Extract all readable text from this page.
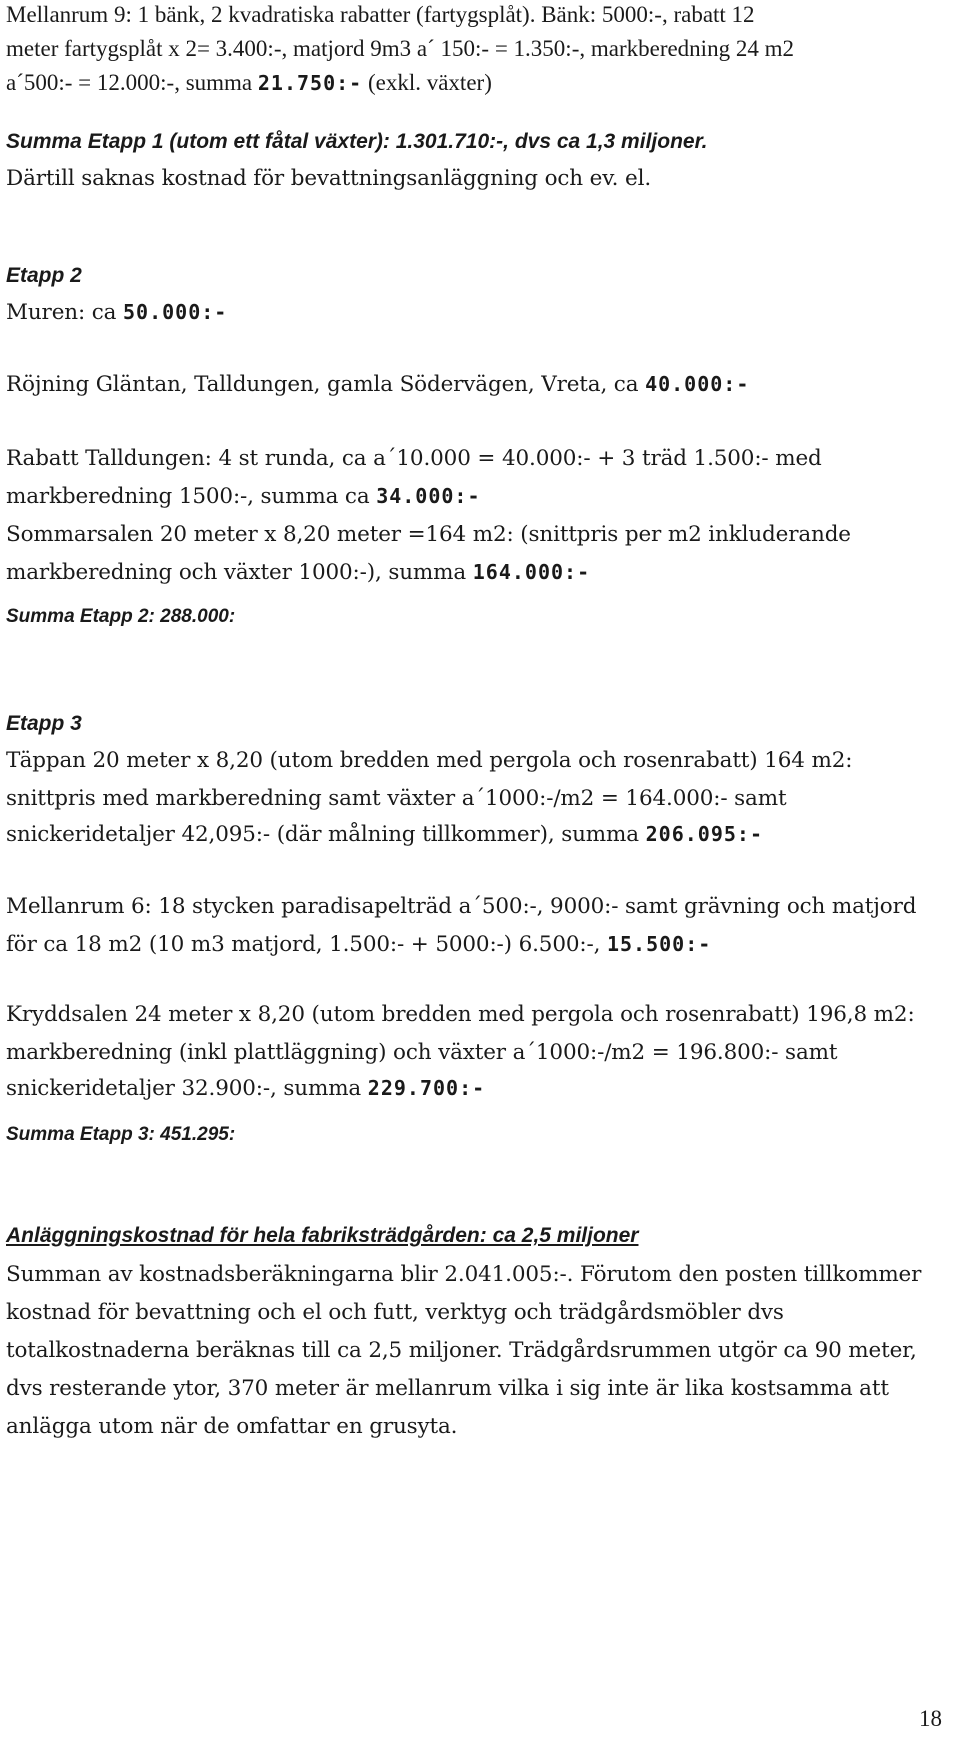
Mellanrum 9: 1 bänk, 2 kvadratiska rabatter (fartygsplåt). Bänk: 5000:-, rabatt 12
meter fartygsplåt x 2= 3.400:-, matjord 9m3 a´ 150:- = 1.350:-, markberedning 24 m2
a´500:- = 12.000:-, summa 21.750:- (exkl. växter)
Summa Etapp 1 (utom ett fåtal växter): 1.301.710:-, dvs ca 1,3 miljoner.
Därtill saknas kostnad för bevattningsanläggning och ev. el.
Etapp 2
Muren: ca 50.000:-
Röjning Gläntan, Talldungen, gamla Södervägen, Vreta, ca 40.000:-
Rabatt Talldungen: 4 st runda, ca a´10.000 = 40.000:- + 3 träd 1.500:- med
markberedning 1500:-, summa ca 34.000:-
Sommarsalen 20 meter x 8,20 meter =164 m2: (snittpris per m2 inkluderande
markberedning och växter 1000:-), summa 164.000:-
Summa Etapp 2: 288.000:
Etapp 3
Täppan 20 meter x 8,20 (utom bredden med pergola och rosenrabatt) 164 m2:
snittpris med markberedning samt växter a´1000:-/m2 = 164.000:- samt
snickeridetaljer 42,095:- (där målning tillkommer), summa 206.095:-
Mellanrum 6: 18 stycken paradisapelträd a´500:-, 9000:- samt grävning och matjord
för ca 18 m2 (10 m3 matjord, 1.500:- + 5000:-) 6.500:-, 15.500:-
Kryddsalen 24 meter x 8,20 (utom bredden med pergola och rosenrabatt) 196,8 m2:
markberedning (inkl plattläggning) och växter a´1000:-/m2 = 196.800:- samt
snickeridetaljer 32.900:-, summa 229.700:-
Summa Etapp 3: 451.295:
Anläggningskostnad för hela fabriksträdgården: ca 2,5 miljoner
Summan av kostnadsberäkningarna blir 2.041.005:-. Förutom den posten tillkommer
kostnad för bevattning och el och futt, verktyg och trädgårdsmöbler dvs
totalkostnaderna beräknas till ca 2,5 miljoner. Trädgårdsrummen utgör ca 90 meter,
dvs resterande ytor, 370 meter är mellanrum vilka i sig inte är lika kostsamma att
anlägga utom när de omfattar en grusyta.
18
